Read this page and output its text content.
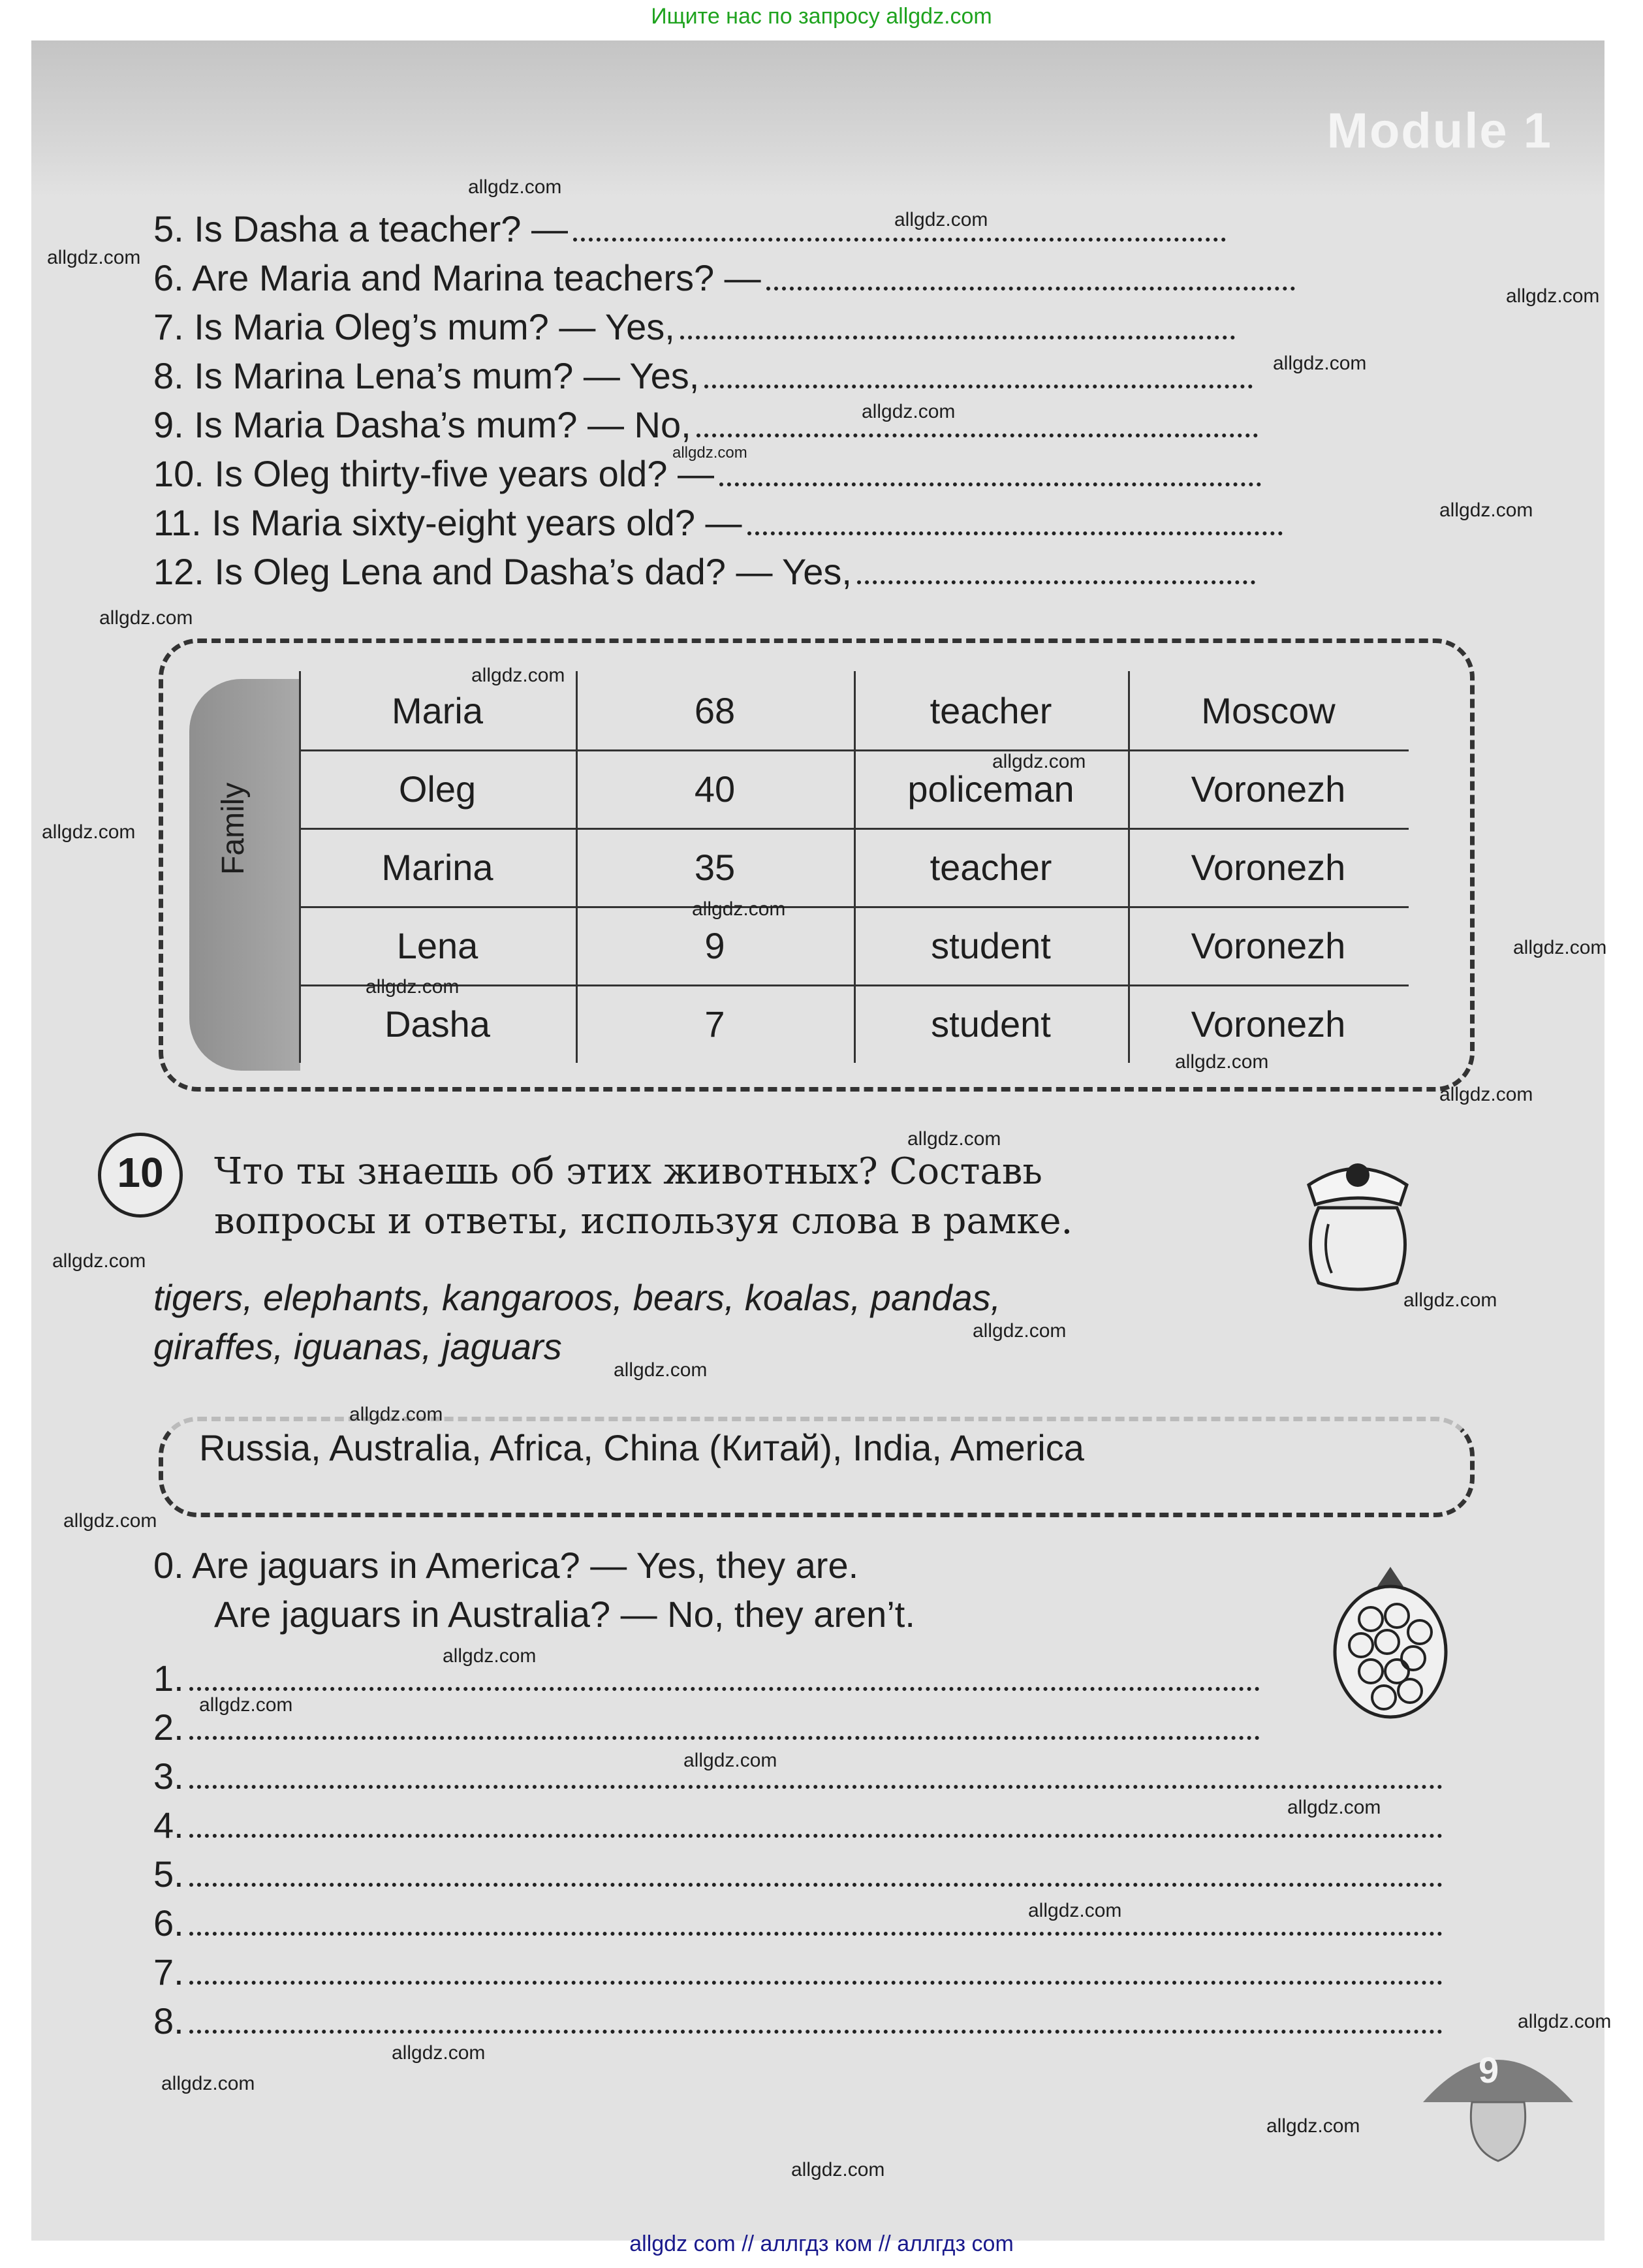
Ищите нас по запросу allgdz.com
Module 1
5. Is Dasha a teacher? —
6. Are Maria and Marina teachers? —
7. Is Maria Oleg’s mum? — Yes,
8. Is Marina Lena’s mum? — Yes,
9. Is Maria Dasha’s mum? — No,
10. Is Oleg thirty-five years old? —
11. Is Maria sixty-eight years old? —
12. Is Oleg Lena and Dasha’s dad? — Yes,
Family
Maria	68	teacher	Moscow
Oleg	40	policeman	Voronezh
Marina	35	teacher	Voronezh
Lena	9	student	Voronezh
Dasha	7	student	Voronezh
10	Что ты знаешь об этих животных? Составь
вопросы и ответы, используя слова в рамке.
tigers, elephants, kangaroos, bears, koalas, pandas,
giraffes, iguanas, jaguars
Russia, Australia, Africa, China (Китай), India, America
0. Are jaguars in America? — Yes, they are.
Are jaguars in Australia? — No, they aren’t.
1.
2.
3.
4.
5.
6.
7.
8.
9
allgdz.com
allgdz.com
allgdz.com
allgdz.com
allgdz.com
allgdz.com
allgdz.com
allgdz.com
allgdz.com
allgdz.com
allgdz.com
allgdz.com
allgdz.com
allgdz.com
allgdz.com
allgdz.com
allgdz.com
allgdz.com
allgdz.com
allgdz.com
allgdz.com
allgdz.com
allgdz.com
allgdz.com
allgdz.com
allgdz.com
allgdz.com
allgdz.com
allgdz.com
allgdz.com
allgdz.com
allgdz.com
allgdz.com
allgdz.com
allgdz com // аллгдз ком // аллгдз com
